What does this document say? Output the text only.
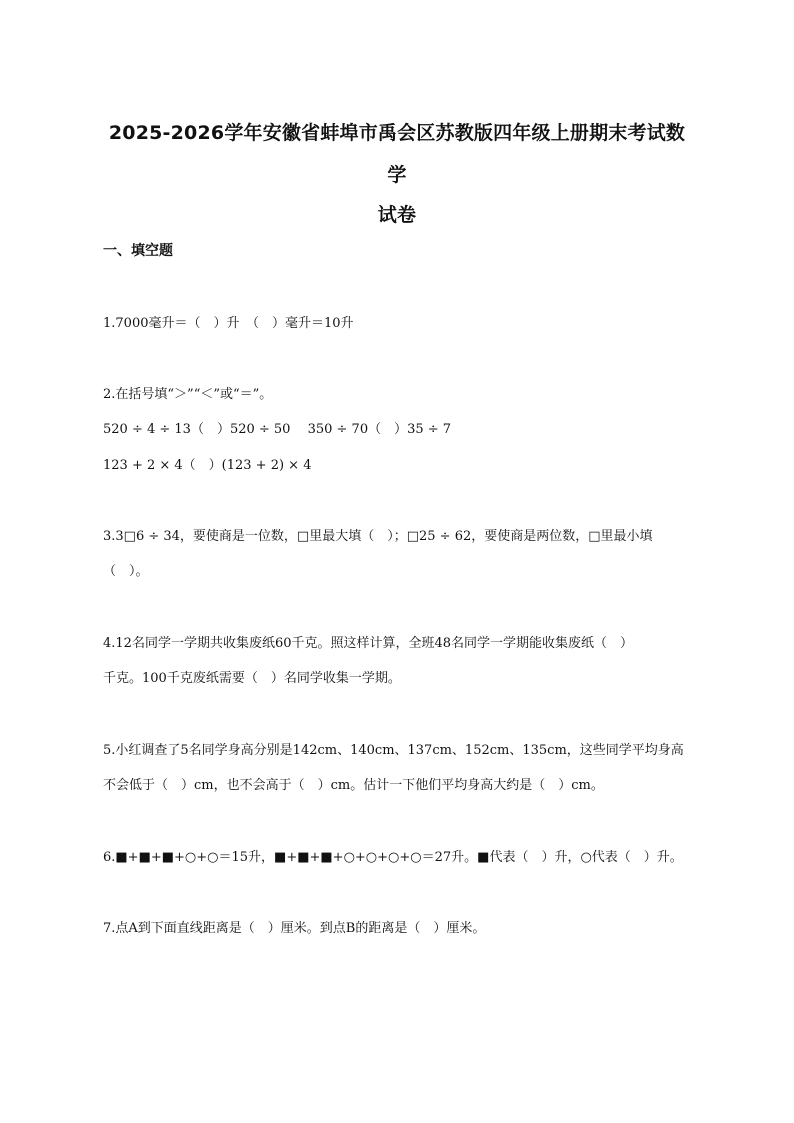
2025-2026学年安徽省蚌埠市禹会区苏教版四年级上册期末考试数
学
试卷
一、填空题
1.7000毫升＝（　）升　（　）毫升＝10升
2.在括号填“＞”“＜”或“＝”。
520 ÷ 4 ÷ 13（　）520 ÷ 50　 350 ÷ 70（　）35 ÷ 7
123 + 2 × 4（　）(123 + 2) × 4
3.3□6 ÷ 34，要使商是一位数，□里最大填（　）；□25 ÷ 62，要使商是两位数，□里最小填
（　）。
4.12名同学一学期共收集废纸60千克。照这样计算，全班48名同学一学期能收集废纸（　）
千克。100千克废纸需要（　）名同学收集一学期。
5.小红调查了5名同学身高分别是142cm、140cm、137cm、152cm、135cm，这些同学平均身高
不会低于（　）cm，也不会高于（　）cm。估计一下他们平均身高大约是（　）cm。
6.■+■+■+○+○＝15升，■+■+■+○+○+○+○＝27升。■代表（　）升，○代表（　）升。
7.点A到下面直线距离是（　）厘米。到点B的距离是（　）厘米。
